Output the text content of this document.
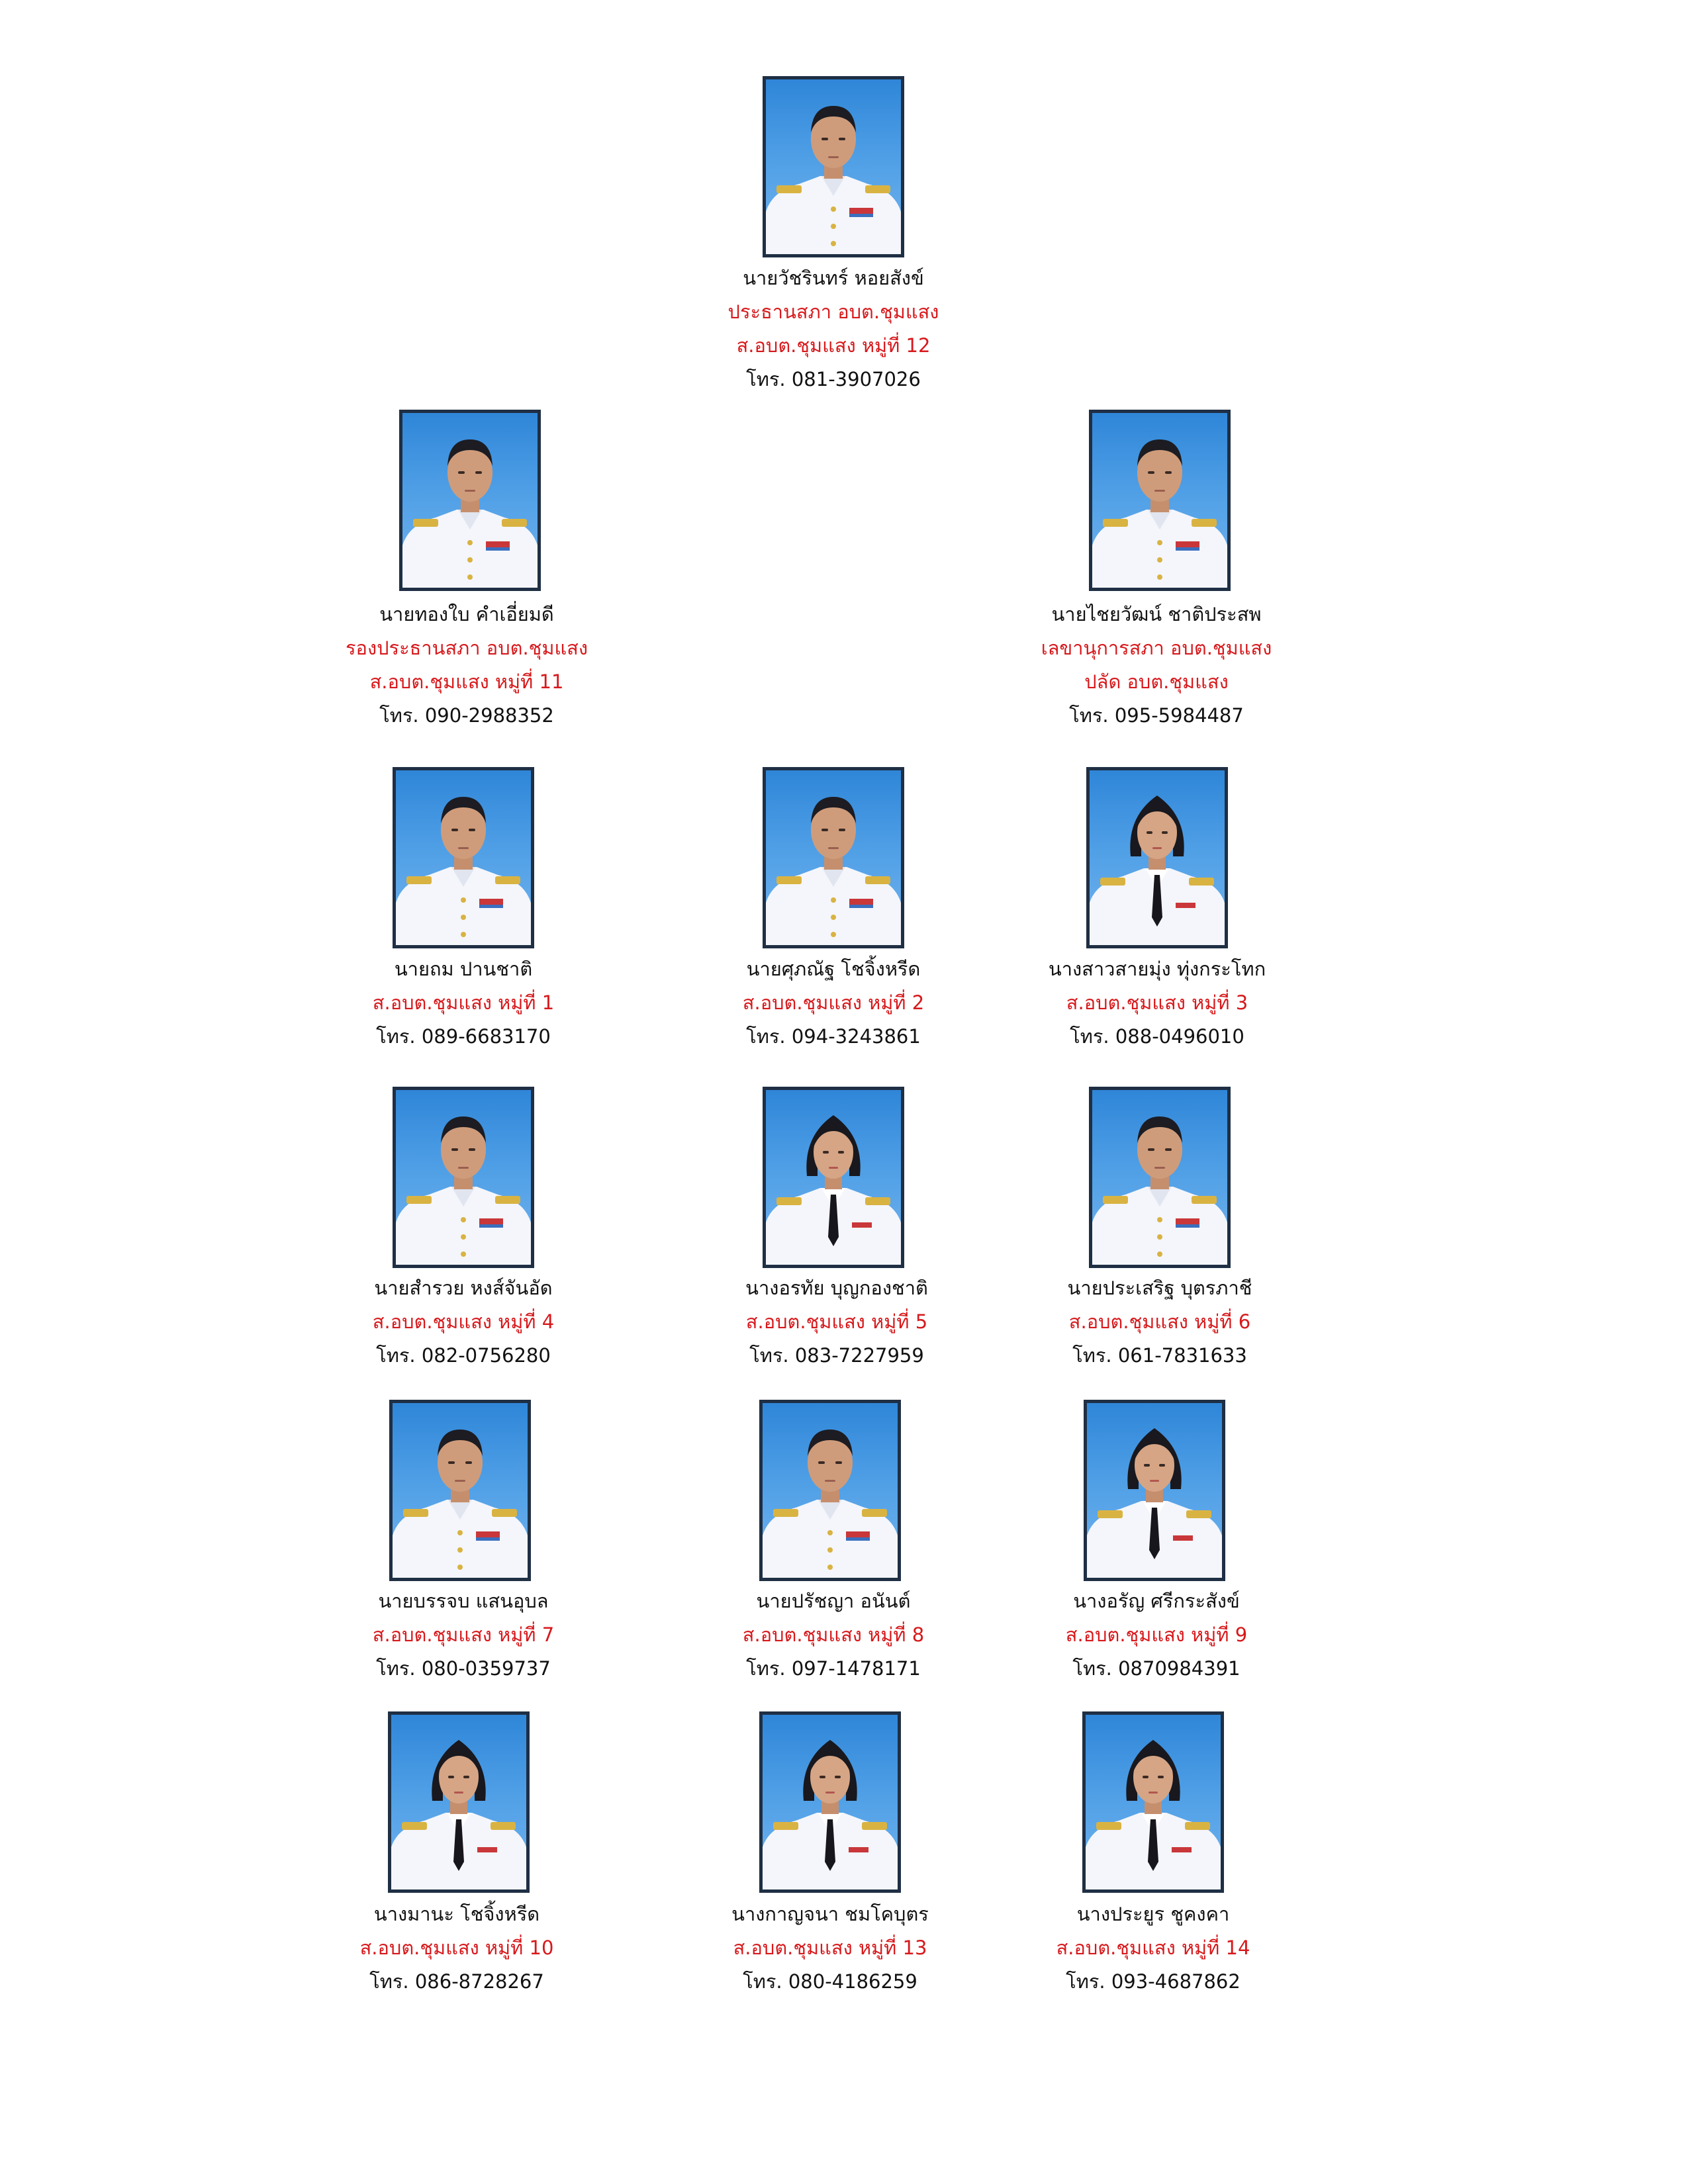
นายวัชรินทร์ หอยสังข์
ประธานสภา อบต.ชุมแสง
ส.อบต.ชุมแสง หมู่ที่ 12
โทร. 081-3907026
นายทองใบ คำเอี่ยมดี
รองประธานสภา อบต.ชุมแสง
ส.อบต.ชุมแสง หมู่ที่ 11
โทร. 090-2988352
นายไชยวัฒน์ ชาติประสพ
เลขานุการสภา อบต.ชุมแสง
ปลัด อบต.ชุมแสง
โทร. 095-5984487
นายถม ปานชาติ
ส.อบต.ชุมแสง หมู่ที่ 1
โทร. 089-6683170
นายศุภณัฐ โชจิ้งหรีด
ส.อบต.ชุมแสง หมู่ที่ 2
โทร. 094-3243861
นางสาวสายมุ่ง ทุ่งกระโทก
ส.อบต.ชุมแสง หมู่ที่ 3
โทร. 088-0496010
นายสำรวย หงส์จันอัด
ส.อบต.ชุมแสง หมู่ที่ 4
โทร. 082-0756280
นางอรทัย บุญกองชาติ
ส.อบต.ชุมแสง หมู่ที่ 5
โทร. 083-7227959
นายประเสริฐ บุตรภาชี
ส.อบต.ชุมแสง หมู่ที่ 6
โทร. 061-7831633
นายบรรจบ แสนอุบล
ส.อบต.ชุมแสง หมู่ที่ 7
โทร. 080-0359737
นายปรัชญา อนันต์
ส.อบต.ชุมแสง หมู่ที่ 8
โทร. 097-1478171
นางอรัญ ศรีกระสังข์
ส.อบต.ชุมแสง หมู่ที่ 9
โทร. 0870984391
นางมานะ โชจิ้งหรีด
ส.อบต.ชุมแสง หมู่ที่ 10
โทร. 086-8728267
นางกาญจนา ชมโคบุตร
ส.อบต.ชุมแสง หมู่ที่ 13
โทร. 080-4186259
นางประยูร ชูคงคา
ส.อบต.ชุมแสง หมู่ที่ 14
โทร. 093-4687862
